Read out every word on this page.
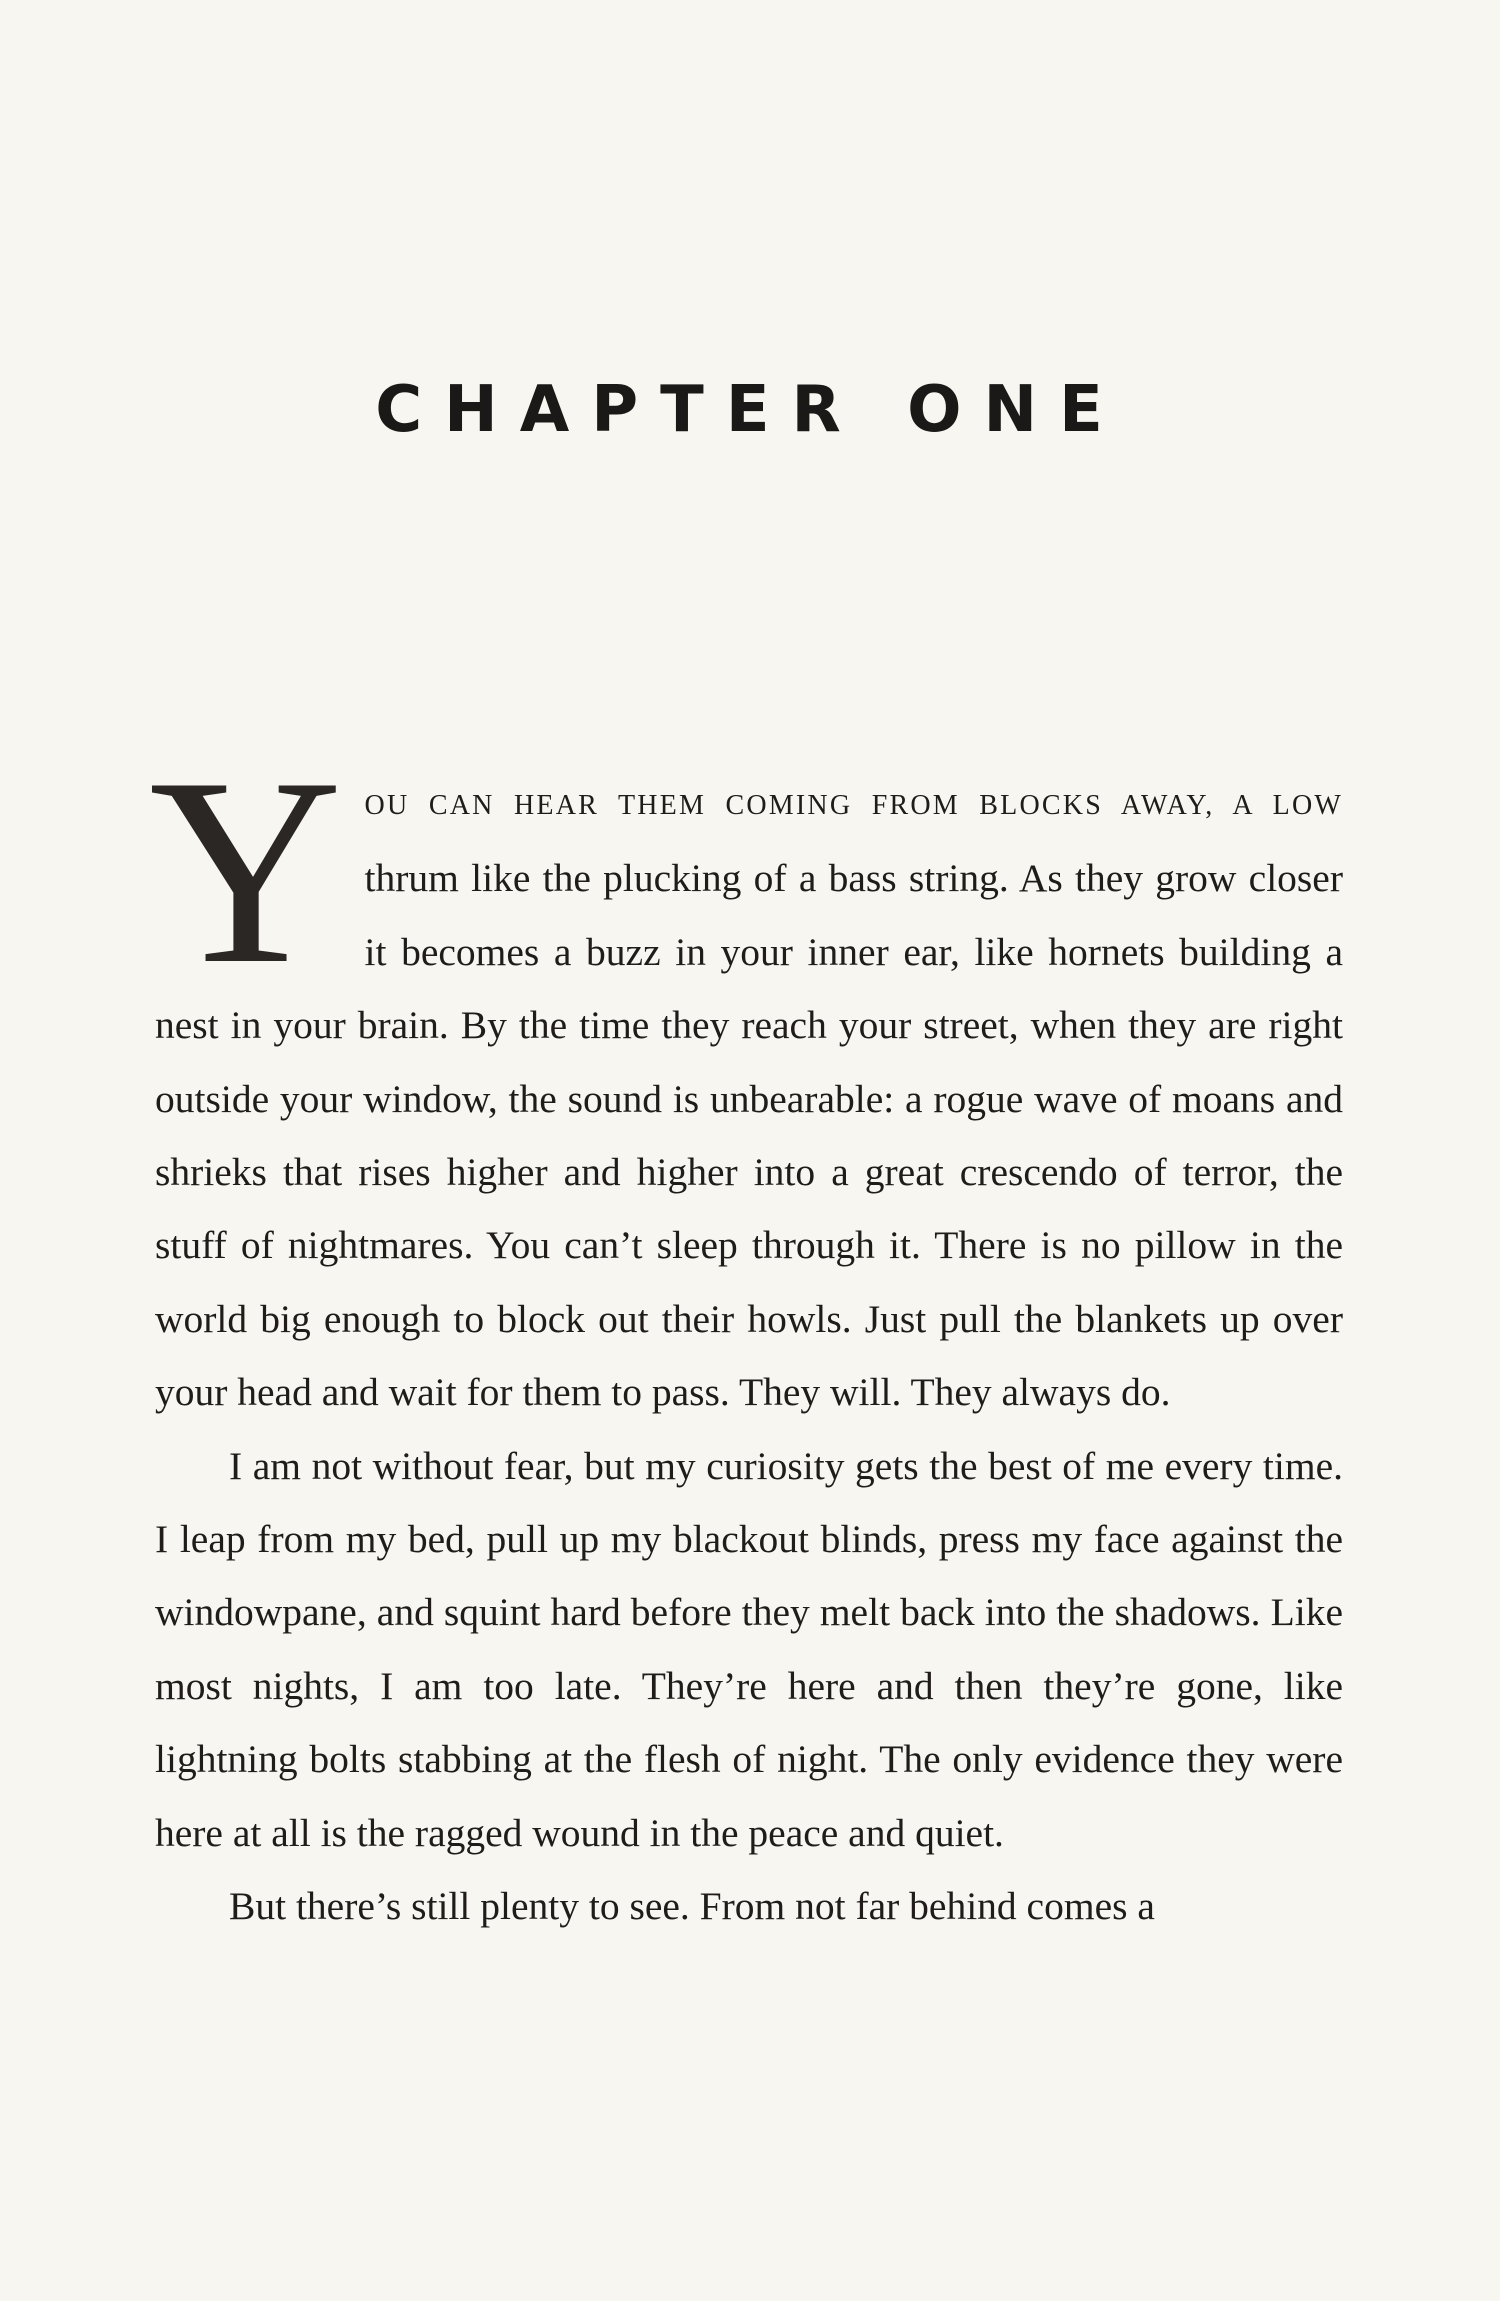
CHAPTER ONE

Y OU CAN HEAR THEM COMING FROM BLOCKS AWAY, A LOW thrum like the plucking of a bass string. As they grow closer it becomes a buzz in your inner ear, like hornets building a nest in your brain. By the time they reach your street, when they are right outside your window, the sound is unbearable: a rogue wave of moans and shrieks that rises higher and higher into a great crescendo of terror, the stuff of nightmares. You can’t sleep through it. There is no pillow in the world big enough to block out their howls. Just pull the blankets up over your head and wait for them to pass. They will. They always do.

I am not without fear, but my curiosity gets the best of me every time. I leap from my bed, pull up my blackout blinds, press my face against the windowpane, and squint hard before they melt back into the shadows. Like most nights, I am too late. They’re here and then they’re gone, like lightning bolts stabbing at the flesh of night. The only evidence they were here at all is the ragged wound in the peace and quiet.

But there’s still plenty to see. From not far behind comes a
